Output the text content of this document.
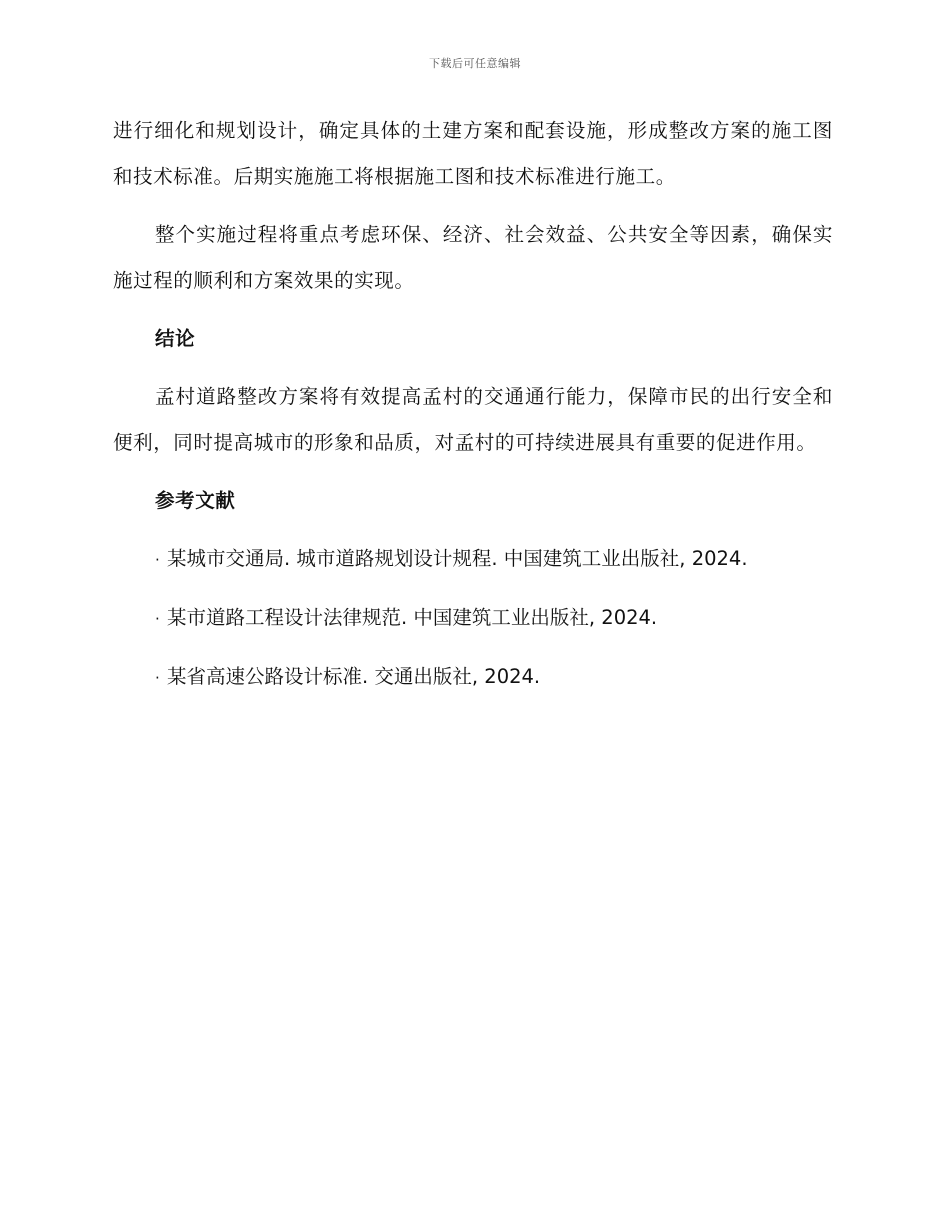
下载后可任意编辑

进行细化和规划设计，确定具体的土建方案和配套设施，形成整改方案的施工图和技术标准。后期实施施工将根据施工图和技术标准进行施工。

整个实施过程将重点考虑环保、经济、社会效益、公共安全等因素，确保实施过程的顺利和方案效果的实现。

结论

孟村道路整改方案将有效提高孟村的交通通行能力，保障市民的出行安全和便利，同时提高城市的形象和品质，对孟村的可持续进展具有重要的促进作用。

参考文献
· 某城市交通局. 城市道路规划设计规程. 中国建筑工业出版社, 2024.
· 某市道路工程设计法律规范. 中国建筑工业出版社, 2024.
· 某省高速公路设计标准. 交通出版社, 2024.
